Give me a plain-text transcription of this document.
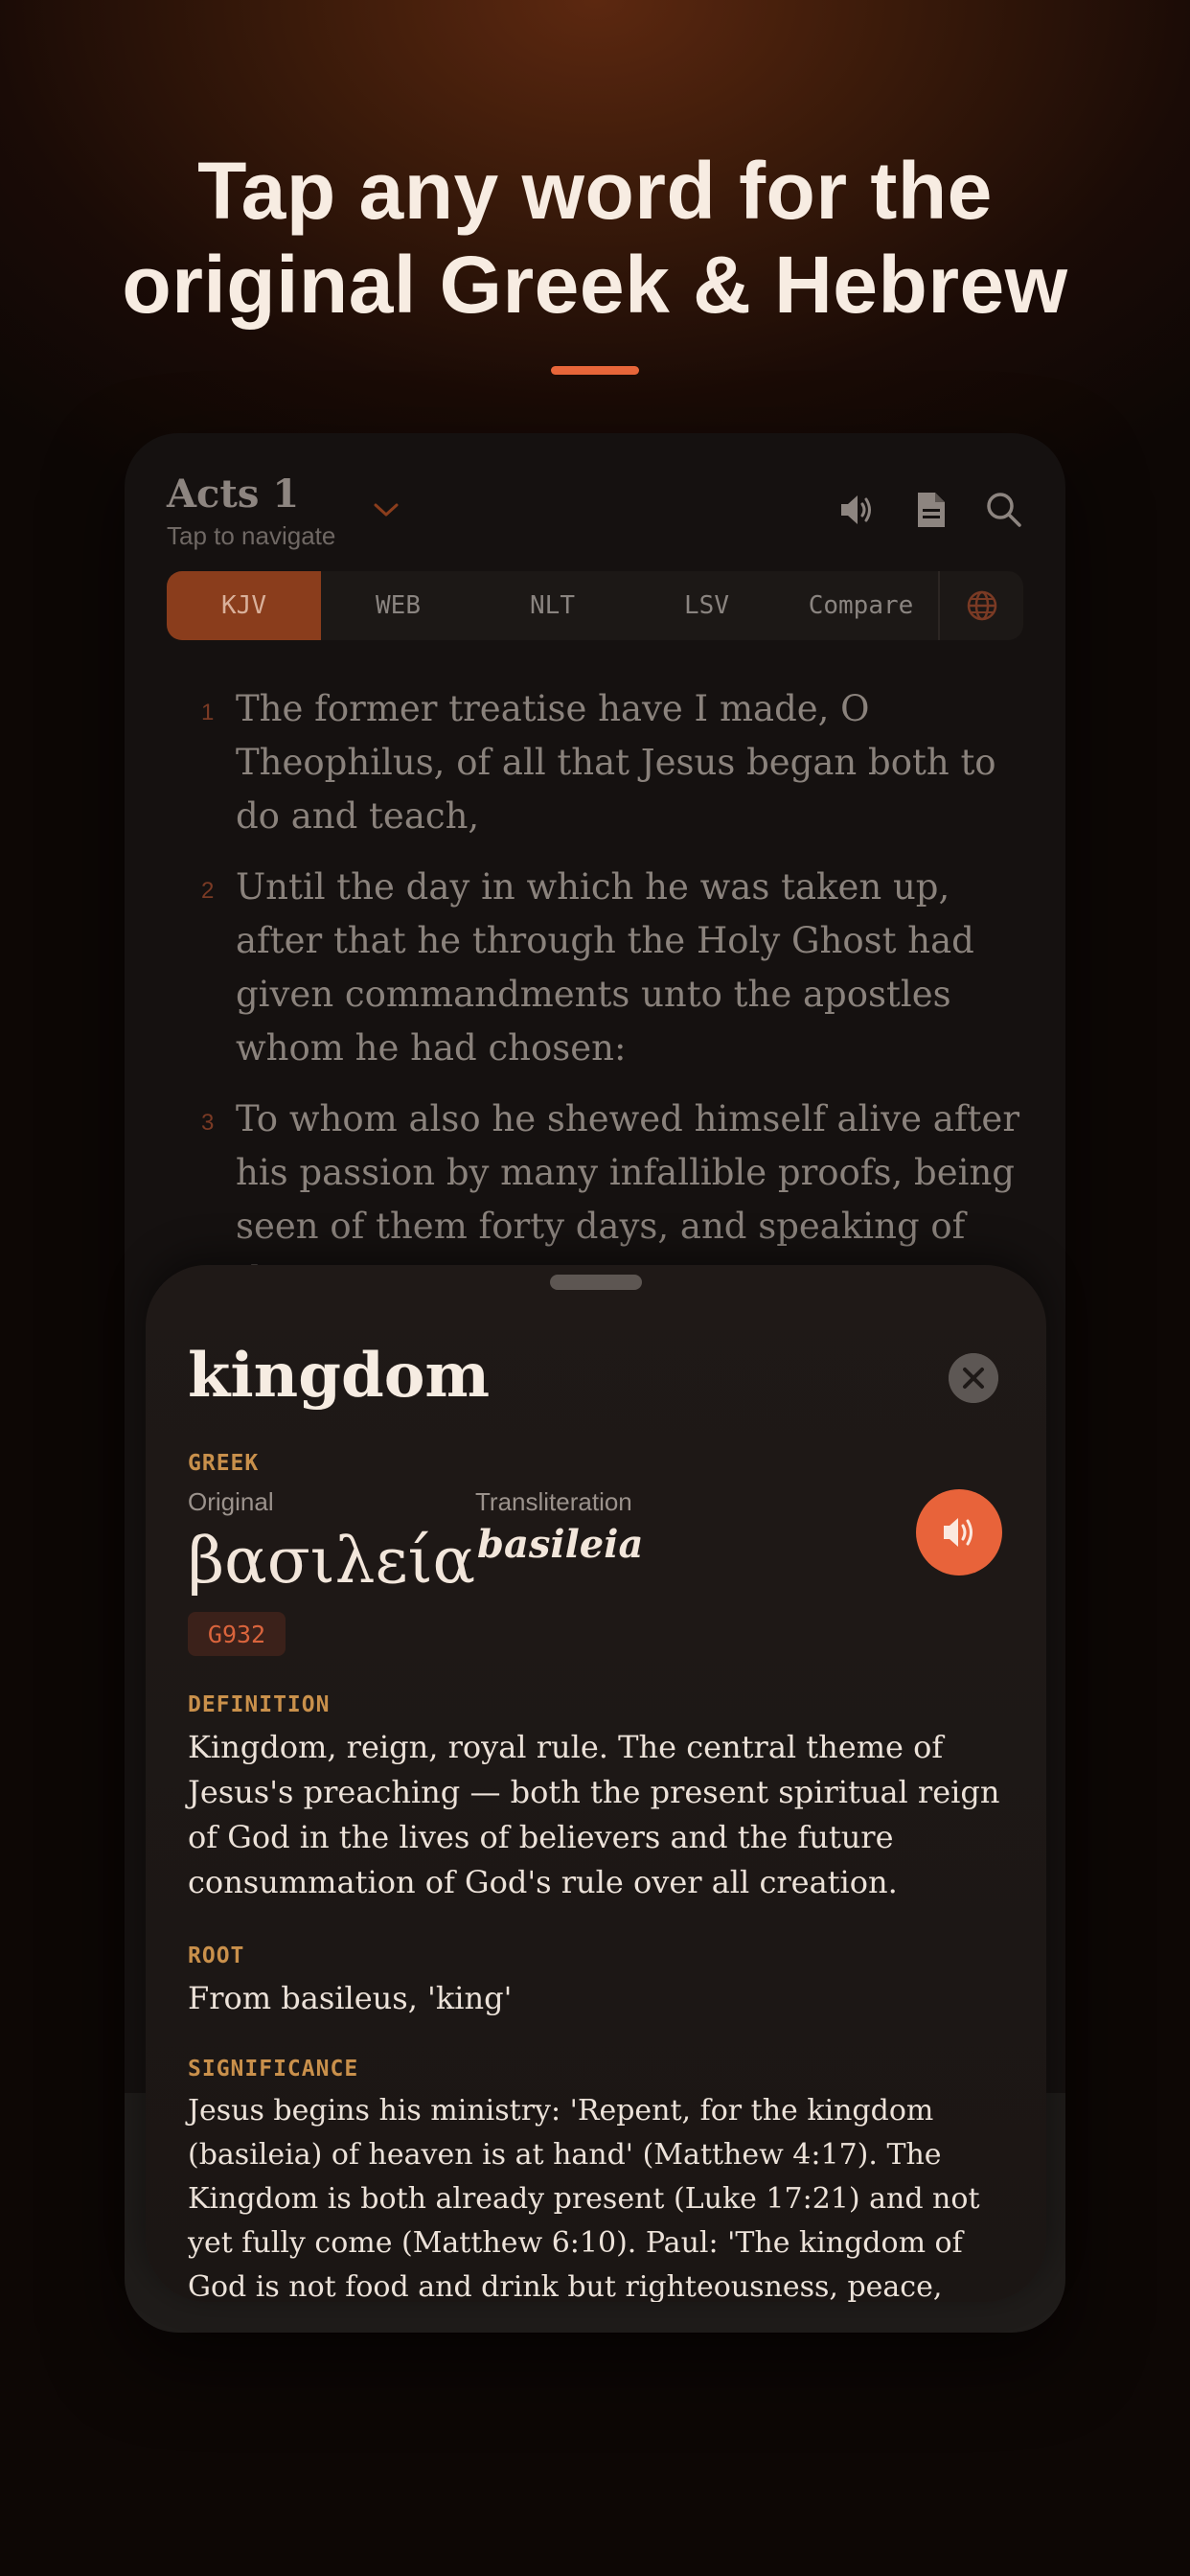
Tap any word for the
original Greek & Hebrew
Acts 1
Tap to navigate
KJV	WEB	NLT	LSV	Compare
1 The former treatise have I made, O Theophilus, of all that Jesus began both to do and teach,
2 Until the day in which he was taken up, after that he through the Holy Ghost had given commandments unto the apostles whom he had chosen:
3 To whom also he shewed himself alive after his passion by many infallible proofs, being seen of them forty days, and speaking of
kingdom
GREEK
Original	Transliteration
βασιλεία basileia
G932
DEFINITION
Kingdom, reign, royal rule. The central theme of Jesus's preaching — both the present spiritual reign of God in the lives of believers and the future consummation of God's rule over all creation.
ROOT
From basileus, 'king'
SIGNIFICANCE
Jesus begins his ministry: 'Repent, for the kingdom (basileia) of heaven is at hand' (Matthew 4:17). The Kingdom is both already present (Luke 17:21) and not yet fully come (Matthew 6:10). Paul: 'The kingdom of God is not food and drink but righteousness, peace,
